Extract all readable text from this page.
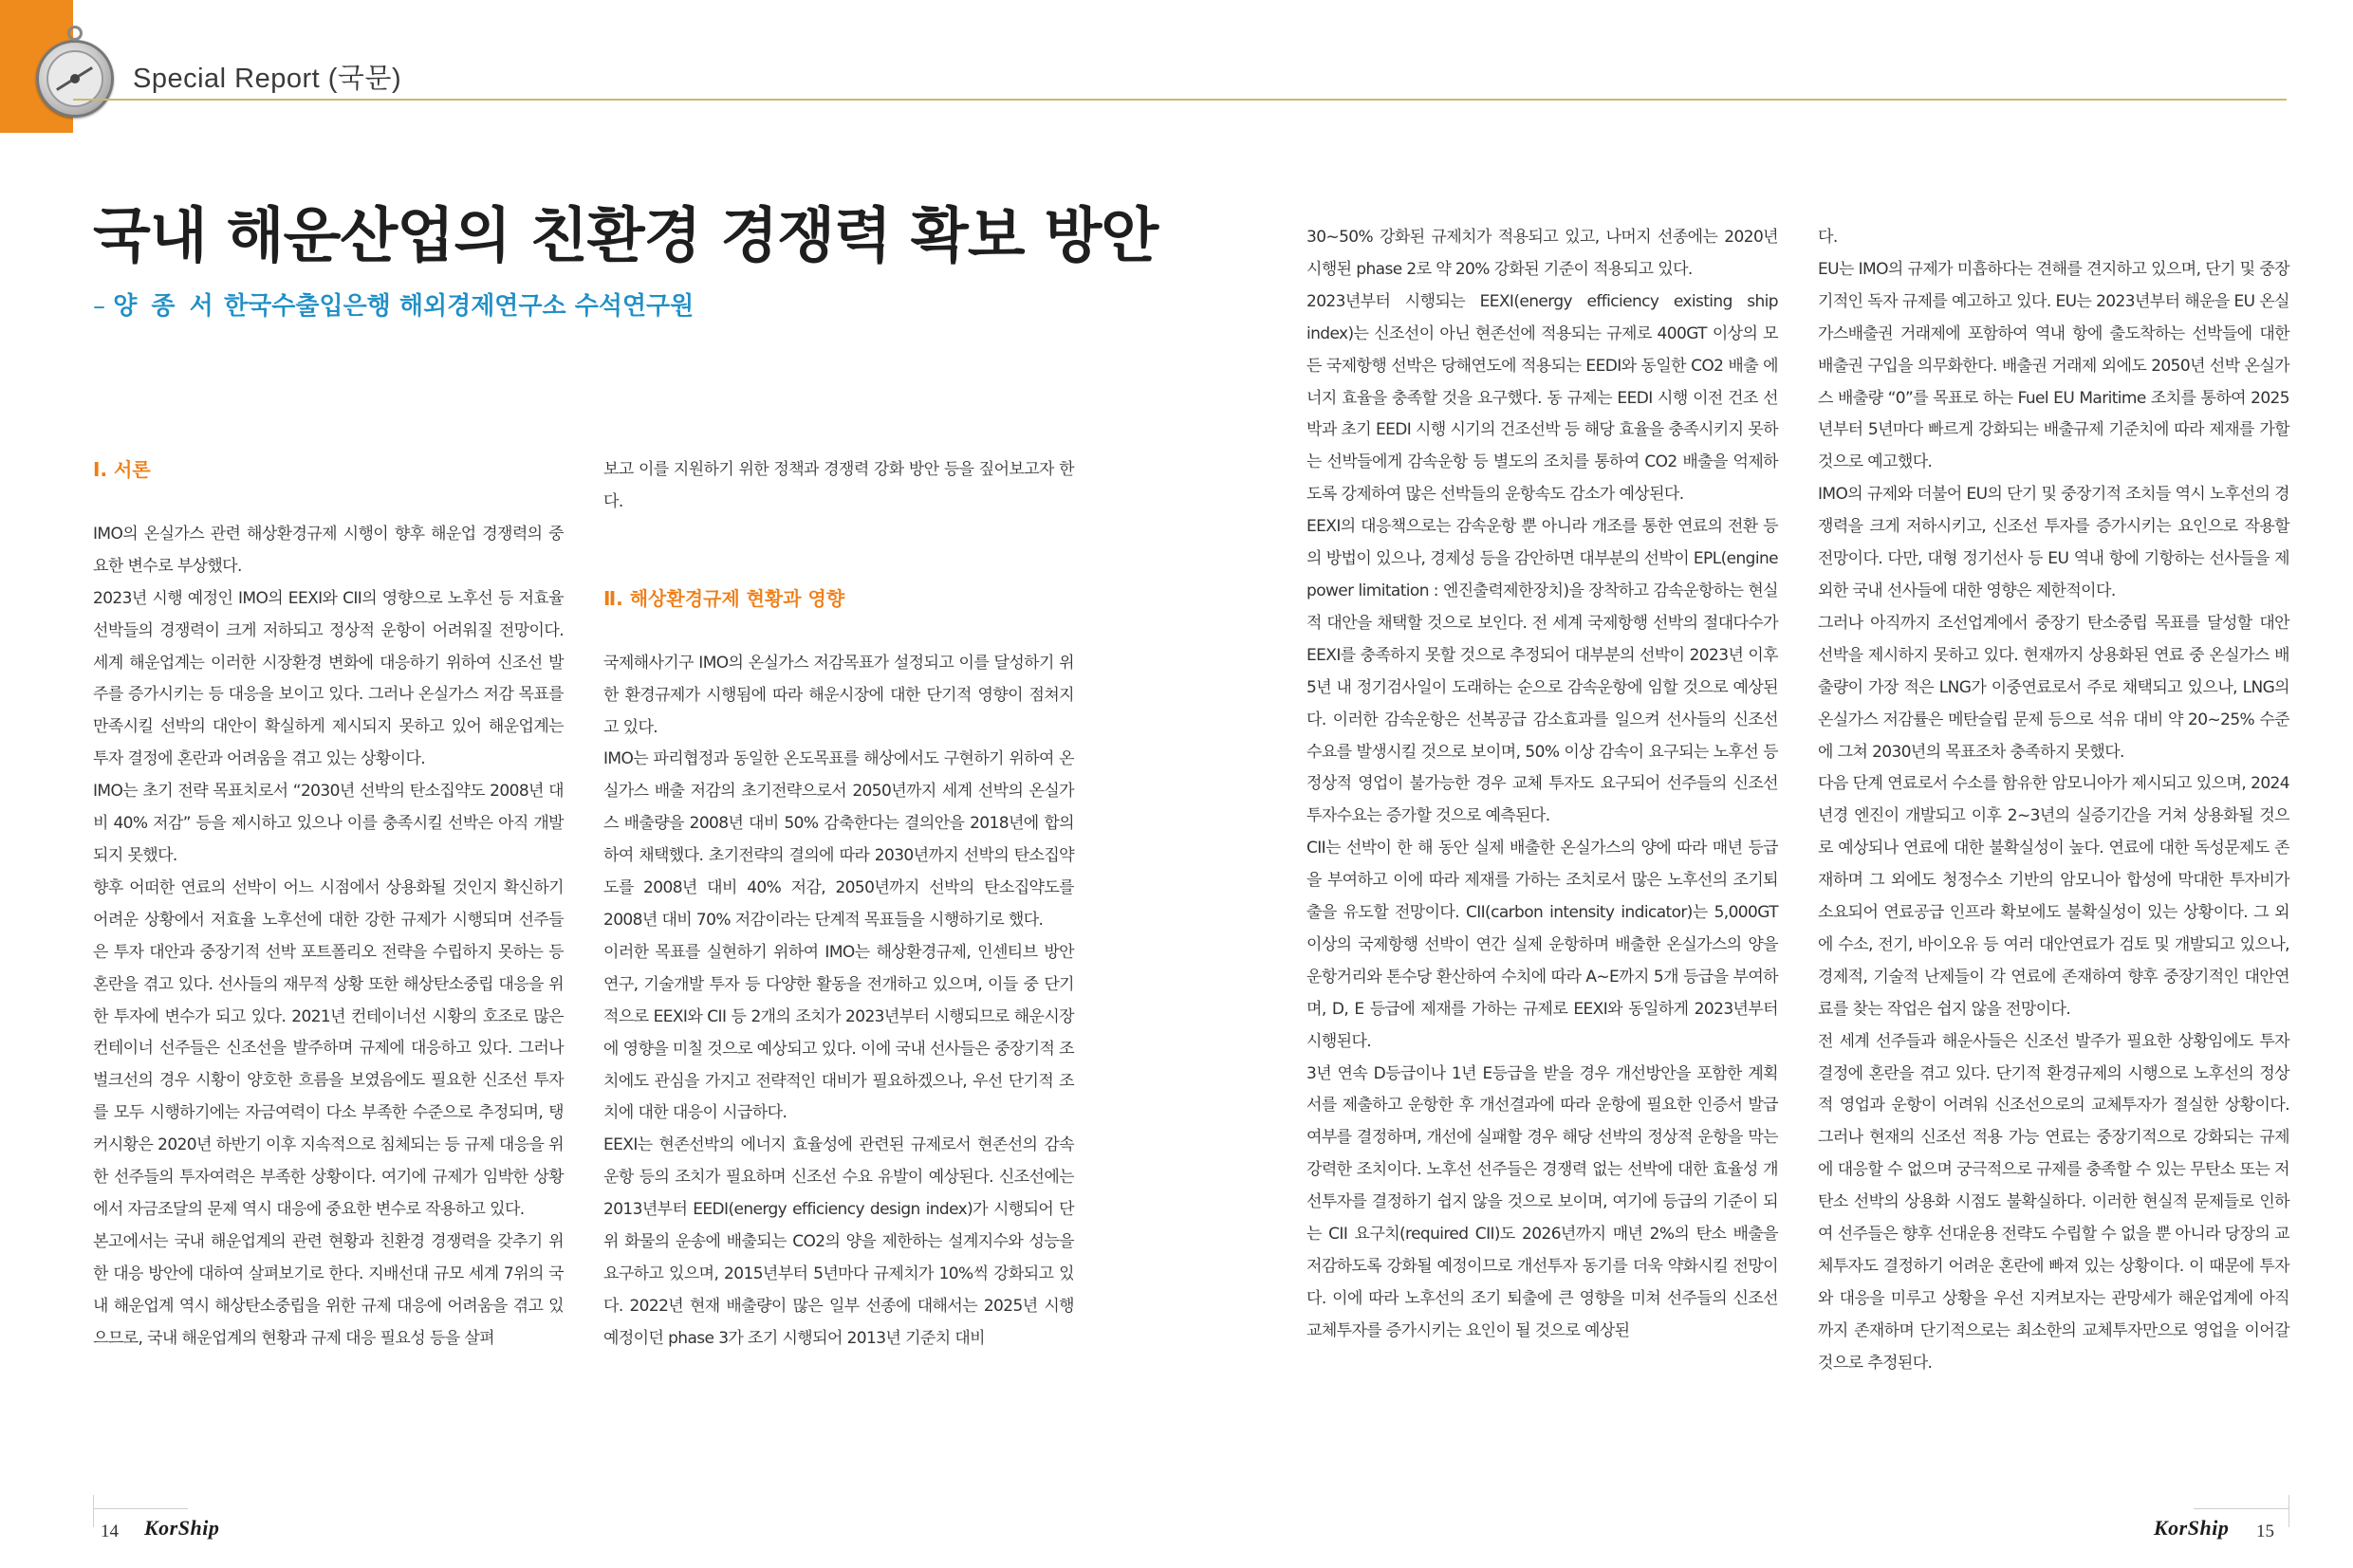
Special Report (국문)
국내 해운산업의 친환경 경쟁력 확보 방안
– 양 종 서 한국수출입은행 해외경제연구소 수석연구원
Ⅰ. 서론

IMO의 온실가스 관련 해상환경규제 시행이 향후 해운업 경쟁력의 중요한 변수로 부상했다.

2023년 시행 예정인 IMO의 EEXI와 CII의 영향으로 노후선 등 저효율 선박들의 경쟁력이 크게 저하되고 정상적 운항이 어려워질 전망이다. 세계 해운업계는 이러한 시장환경 변화에 대응하기 위하여 신조선 발주를 증가시키는 등 대응을 보이고 있다. 그러나 온실가스 저감 목표를 만족시킬 선박의 대안이 확실하게 제시되지 못하고 있어 해운업계는 투자 결정에 혼란과 어려움을 겪고 있는 상황이다.

IMO는 초기 전략 목표치로서 “2030년 선박의 탄소집약도 2008년 대비 40% 저감” 등을 제시하고 있으나 이를 충족시킬 선박은 아직 개발되지 못했다.

향후 어떠한 연료의 선박이 어느 시점에서 상용화될 것인지 확신하기 어려운 상황에서 저효율 노후선에 대한 강한 규제가 시행되며 선주들은 투자 대안과 중장기적 선박 포트폴리오 전략을 수립하지 못하는 등 혼란을 겪고 있다. 선사들의 재무적 상황 또한 해상탄소중립 대응을 위한 투자에 변수가 되고 있다. 2021년 컨테이너선 시황의 호조로 많은 컨테이너 선주들은 신조선을 발주하며 규제에 대응하고 있다. 그러나 벌크선의 경우 시황이 양호한 흐름을 보였음에도 필요한 신조선 투자를 모두 시행하기에는 자금여력이 다소 부족한 수준으로 추정되며, 탱커시황은 2020년 하반기 이후 지속적으로 침체되는 등 규제 대응을 위한 선주들의 투자여력은 부족한 상황이다. 여기에 규제가 임박한 상황에서 자금조달의 문제 역시 대응에 중요한 변수로 작용하고 있다.

본고에서는 국내 해운업계의 관련 현황과 친환경 경쟁력을 갖추기 위한 대응 방안에 대하여 살펴보기로 한다. 지배선대 규모 세계 7위의 국내 해운업계 역시 해상탄소중립을 위한 규제 대응에 어려움을 겪고 있으므로, 국내 해운업계의 현황과 규제 대응 필요성 등을 살펴

보고 이를 지원하기 위한 정책과 경쟁력 강화 방안 등을 짚어보고자 한다.

Ⅱ. 해상환경규제 현황과 영향

국제해사기구 IMO의 온실가스 저감목표가 설정되고 이를 달성하기 위한 환경규제가 시행됨에 따라 해운시장에 대한 단기적 영향이 점쳐지고 있다.

IMO는 파리협정과 동일한 온도목표를 해상에서도 구현하기 위하여 온실가스 배출 저감의 초기전략으로서 2050년까지 세계 선박의 온실가스 배출량을 2008년 대비 50% 감축한다는 결의안을 2018년에 합의하여 채택했다. 초기전략의 결의에 따라 2030년까지 선박의 탄소집약도를 2008년 대비 40% 저감, 2050년까지 선박의 탄소집약도를 2008년 대비 70% 저감이라는 단계적 목표들을 시행하기로 했다.

이러한 목표를 실현하기 위하여 IMO는 해상환경규제, 인센티브 방안 연구, 기술개발 투자 등 다양한 활동을 전개하고 있으며, 이들 중 단기적으로 EEXI와 CII 등 2개의 조치가 2023년부터 시행되므로 해운시장에 영향을 미칠 것으로 예상되고 있다. 이에 국내 선사들은 중장기적 조치에도 관심을 가지고 전략적인 대비가 필요하겠으나, 우선 단기적 조치에 대한 대응이 시급하다.

EEXI는 현존선박의 에너지 효율성에 관련된 규제로서 현존선의 감속운항 등의 조치가 필요하며 신조선 수요 유발이 예상된다. 신조선에는 2013년부터 EEDI(energy efficiency design index)가 시행되어 단위 화물의 운송에 배출되는 CO2의 양을 제한하는 설계지수와 성능을 요구하고 있으며, 2015년부터 5년마다 규제치가 10%씩 강화되고 있다. 2022년 현재 배출량이 많은 일부 선종에 대해서는 2025년 시행 예정이던 phase 3가 조기 시행되어 2013년 기준치 대비

30~50% 강화된 규제치가 적용되고 있고, 나머지 선종에는 2020년 시행된 phase 2로 약 20% 강화된 기준이 적용되고 있다.

2023년부터 시행되는 EEXI(energy efficiency existing ship index)는 신조선이 아닌 현존선에 적용되는 규제로 400GT 이상의 모든 국제항행 선박은 당해연도에 적용되는 EEDI와 동일한 CO2 배출 에너지 효율을 충족할 것을 요구했다. 동 규제는 EEDI 시행 이전 건조 선박과 초기 EEDI 시행 시기의 건조선박 등 해당 효율을 충족시키지 못하는 선박들에게 감속운항 등 별도의 조치를 통하여 CO2 배출을 억제하도록 강제하여 많은 선박들의 운항속도 감소가 예상된다.

EEXI의 대응책으로는 감속운항 뿐 아니라 개조를 통한 연료의 전환 등의 방법이 있으나, 경제성 등을 감안하면 대부분의 선박이 EPL(engine power limitation : 엔진출력제한장치)을 장착하고 감속운항하는 현실적 대안을 채택할 것으로 보인다. 전 세계 국제항행 선박의 절대다수가 EEXI를 충족하지 못할 것으로 추정되어 대부분의 선박이 2023년 이후 5년 내 정기검사일이 도래하는 순으로 감속운항에 임할 것으로 예상된다. 이러한 감속운항은 선복공급 감소효과를 일으켜 선사들의 신조선 수요를 발생시킬 것으로 보이며, 50% 이상 감속이 요구되는 노후선 등 정상적 영업이 불가능한 경우 교체 투자도 요구되어 선주들의 신조선 투자수요는 증가할 것으로 예측된다.

CII는 선박이 한 해 동안 실제 배출한 온실가스의 양에 따라 매년 등급을 부여하고 이에 따라 제재를 가하는 조치로서 많은 노후선의 조기퇴출을 유도할 전망이다. CII(carbon intensity indicator)는 5,000GT 이상의 국제항행 선박이 연간 실제 운항하며 배출한 온실가스의 양을 운항거리와 톤수당 환산하여 수치에 따라 A~E까지 5개 등급을 부여하며, D, E 등급에 제재를 가하는 규제로 EEXI와 동일하게 2023년부터 시행된다.

3년 연속 D등급이나 1년 E등급을 받을 경우 개선방안을 포함한 계획서를 제출하고 운항한 후 개선결과에 따라 운항에 필요한 인증서 발급여부를 결정하며, 개선에 실패할 경우 해당 선박의 정상적 운항을 막는 강력한 조치이다. 노후선 선주들은 경쟁력 없는 선박에 대한 효율성 개선투자를 결정하기 쉽지 않을 것으로 보이며, 여기에 등급의 기준이 되는 CII 요구치(required CII)도 2026년까지 매년 2%의 탄소 배출을 저감하도록 강화될 예정이므로 개선투자 동기를 더욱 약화시킬 전망이다. 이에 따라 노후선의 조기 퇴출에 큰 영향을 미쳐 선주들의 신조선 교체투자를 증가시키는 요인이 될 것으로 예상된

다.

EU는 IMO의 규제가 미흡하다는 견해를 견지하고 있으며, 단기 및 중장기적인 독자 규제를 예고하고 있다. EU는 2023년부터 해운을 EU 온실가스배출권 거래제에 포함하여 역내 항에 출도착하는 선박들에 대한 배출권 구입을 의무화한다. 배출권 거래제 외에도 2050년 선박 온실가스 배출량 “0”를 목표로 하는 Fuel EU Maritime 조치를 통하여 2025년부터 5년마다 빠르게 강화되는 배출규제 기준치에 따라 제재를 가할 것으로 예고했다.

IMO의 규제와 더불어 EU의 단기 및 중장기적 조치들 역시 노후선의 경쟁력을 크게 저하시키고, 신조선 투자를 증가시키는 요인으로 작용할 전망이다. 다만, 대형 정기선사 등 EU 역내 항에 기항하는 선사들을 제외한 국내 선사들에 대한 영향은 제한적이다.

그러나 아직까지 조선업계에서 중장기 탄소중립 목표를 달성할 대안 선박을 제시하지 못하고 있다. 현재까지 상용화된 연료 중 온실가스 배출량이 가장 적은 LNG가 이중연료로서 주로 채택되고 있으나, LNG의 온실가스 저감률은 메탄슬립 문제 등으로 석유 대비 약 20~25% 수준에 그쳐 2030년의 목표조차 충족하지 못했다.

다음 단계 연료로서 수소를 함유한 암모니아가 제시되고 있으며, 2024년경 엔진이 개발되고 이후 2~3년의 실증기간을 거쳐 상용화될 것으로 예상되나 연료에 대한 불확실성이 높다. 연료에 대한 독성문제도 존재하며 그 외에도 청정수소 기반의 암모니아 합성에 막대한 투자비가 소요되어 연료공급 인프라 확보에도 불확실성이 있는 상황이다. 그 외에 수소, 전기, 바이오유 등 여러 대안연료가 검토 및 개발되고 있으나, 경제적, 기술적 난제들이 각 연료에 존재하여 향후 중장기적인 대안연료를 찾는 작업은 쉽지 않을 전망이다.

전 세계 선주들과 해운사들은 신조선 발주가 필요한 상황임에도 투자 결정에 혼란을 겪고 있다. 단기적 환경규제의 시행으로 노후선의 정상적 영업과 운항이 어려워 신조선으로의 교체투자가 절실한 상황이다. 그러나 현재의 신조선 적용 가능 연료는 중장기적으로 강화되는 규제에 대응할 수 없으며 궁극적으로 규제를 충족할 수 있는 무탄소 또는 저탄소 선박의 상용화 시점도 불확실하다. 이러한 현실적 문제들로 인하여 선주들은 향후 선대운용 전략도 수립할 수 없을 뿐 아니라 당장의 교체투자도 결정하기 어려운 혼란에 빠져 있는 상황이다. 이 때문에 투자와 대응을 미루고 상황을 우선 지켜보자는 관망세가 해운업계에 아직까지 존재하며 단기적으로는 최소한의 교체투자만으로 영업을 이어갈 것으로 추정된다.

14 KorShip	KorShip 15
